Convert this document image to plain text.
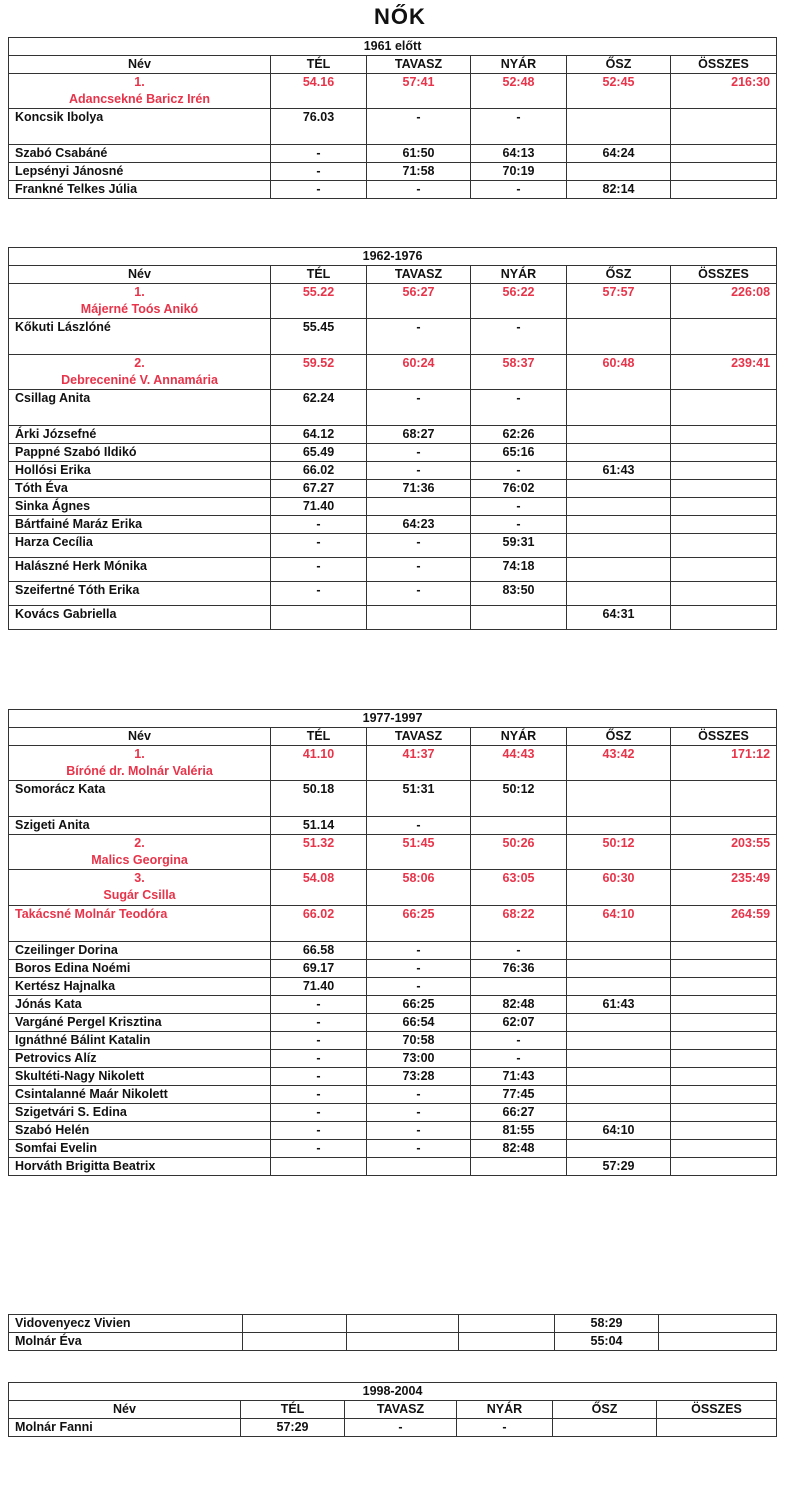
NŐK
1961 előtt					
Név	TÉL	TAVASZ	NYÁR	ŐSZ	ÖSSZES

1.
Adancsekné Baricz Irén	54.16	57:41	52:48	52:45	216:30
Koncsik Ibolya	76.03	-	-		
Szabó Csabáné	-	61:50	64:13	64:24	
Lepsényi Jánosné	-	71:58	70:19		
Frankné Telkes Júlia	-	-	-	82:14	
1962-1976					
Név	TÉL	TAVASZ	NYÁR	ŐSZ	ÖSSZES

1.
Májerné Toós Anikó	55.22	56:27	56:22	57:57	226:08
Kőkuti Lászlóné	55.45	-	-		

2.
Debreceniné V. Annamária	59.52	60:24	58:37	60:48	239:41
Csillag Anita	62.24	-	-		
Árki Józsefné	64.12	68:27	62:26		
Pappné Szabó Ildikó	65.49	-	65:16		
Hollósi Erika	66.02	-	-	61:43	
Tóth Éva	67.27	71:36	76:02		
Sinka Ágnes	71.40		-		
Bártfainé Maráz Erika	-	64:23	-		
Harza Cecília	-	-	59:31		
Halászné Herk Mónika	-	-	74:18		
Szeifertné Tóth Erika	-	-	83:50		
Kovács Gabriella				64:31	
1977-1997					
Név	TÉL	TAVASZ	NYÁR	ŐSZ	ÖSSZES

1.
Bíróné dr. Molnár Valéria	41.10	41:37	44:43	43:42	171:12
Somorácz Kata	50.18	51:31	50:12		
Szigeti Anita	51.14	-			

2.
Malics Georgina	51.32	51:45	50:26	50:12	203:55

3.
Sugár Csilla	54.08	58:06	63:05	60:30	235:49
Takácsné Molnár Teodóra	66.02	66:25	68:22	64:10	264:59
Czeilinger Dorina	66.58	-	-		
Boros Edina Noémi	69.17	-	76:36		
Kertész Hajnalka	71.40	-			
Jónás Kata	-	66:25	82:48	61:43	
Vargáné Pergel Krisztina	-	66:54	62:07		
Ignáthné Bálint Katalin	-	70:58	-		
Petrovics Alíz	-	73:00	-		
Skultéti-Nagy Nikolett	-	73:28	71:43		
Csintalanné Maár Nikolett	-	-	77:45		
Szigetvári S. Edina	-	-	66:27		
Szabó Helén	-	-	81:55	64:10	
Somfai Evelin	-	-	82:48		
Horváth Brigitta Beatrix				57:29	
Vidovenyecz Vivien				58:29	
Molnár Éva				55:04	
1998-2004					
Név	TÉL	TAVASZ	NYÁR	ŐSZ	ÖSSZES
Molnár Fanni	57:29	-	-		
